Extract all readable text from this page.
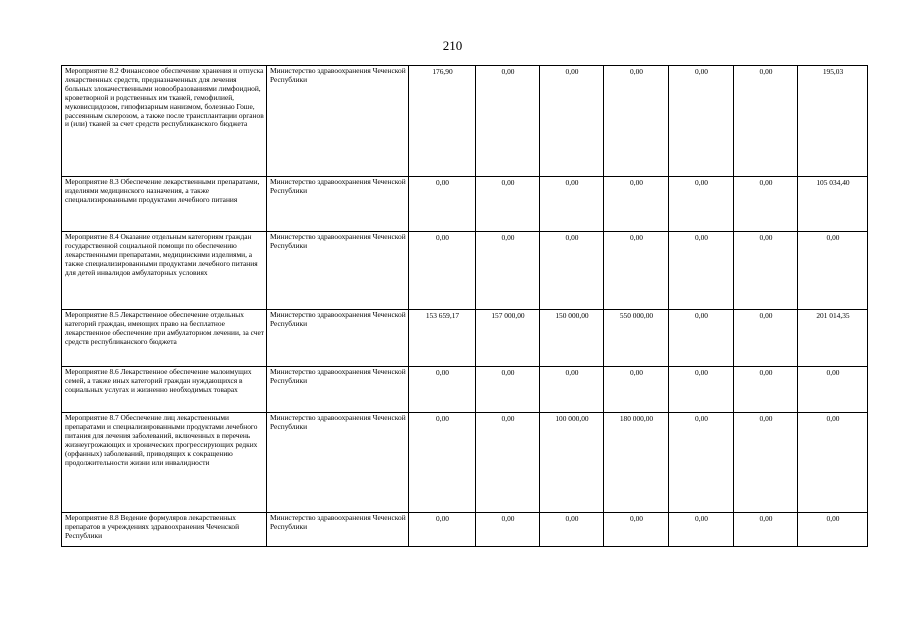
210
Мероприятие 8.2 Финансовое обеспечение хранения и отпуска лекарственных средств, предназначенных для лечения больных злокачественными новообразованиями лимфоидной, кроветворной и родственных им тканей, гемофилией, муковисцидозом, гипофизарным нанизмом, болезнью Гоше, рассеянным склерозом, а также после трансплантации органов и (или) тканей за счет средств республиканского бюджета	Министерство здравоохранения Чеченской Республики	176,90	0,00	0,00	0,00	0,00	0,00	195,03
Мероприятие 8.3 Обеспечение лекарственными препаратами, изделиями медицинского назначения, а также специализированными продуктами лечебного питания	Министерство здравоохранения Чеченской Республики	0,00	0,00	0,00	0,00	0,00	0,00	105 034,40
Мероприятие 8.4 Оказание отдельным категориям граждан государственной социальной помощи по обеспечению лекарственными препаратами, медицинскими изделиями, а также специализированными продуктами лечебного питания для детей инвалидов амбулаторных условиях	Министерство здравоохранения Чеченской Республики	0,00	0,00	0,00	0,00	0,00	0,00	0,00
Мероприятие 8.5 Лекарственное обеспечение отдельных категорий граждан, имеющих право на бесплатное лекарственное обеспечение при амбулаторном лечении, за счет средств республиканского бюджета	Министерство здравоохранения Чеченской Республики	153 659,17	157 000,00	150 000,00	550 000,00	0,00	0,00	201 014,35
Мероприятие 8.6 Лекарственное обеспечение малоимущих семей, а также иных категорий граждан нуждающихся в социальных услугах и жизненно необходимых товарах	Министерство здравоохранения Чеченской Республики	0,00	0,00	0,00	0,00	0,00	0,00	0,00
Мероприятие 8.7 Обеспечение лиц лекарственными препаратами и специализированными продуктами лечебного питания для лечения заболеваний, включенных в перечень жизнеугрожающих и хронических прогрессирующих редких (орфанных) заболеваний, приводящих к сокращению продолжительности жизни или инвалидности	Министерство здравоохранения Чеченской Республики	0,00	0,00	100 000,00	180 000,00	0,00	0,00	0,00
Мероприятие 8.8 Ведение формуляров лекарственных препаратов в учреждениях здравоохранения Чеченской Республики	Министерство здравоохранения Чеченской Республики	0,00	0,00	0,00	0,00	0,00	0,00	0,00
